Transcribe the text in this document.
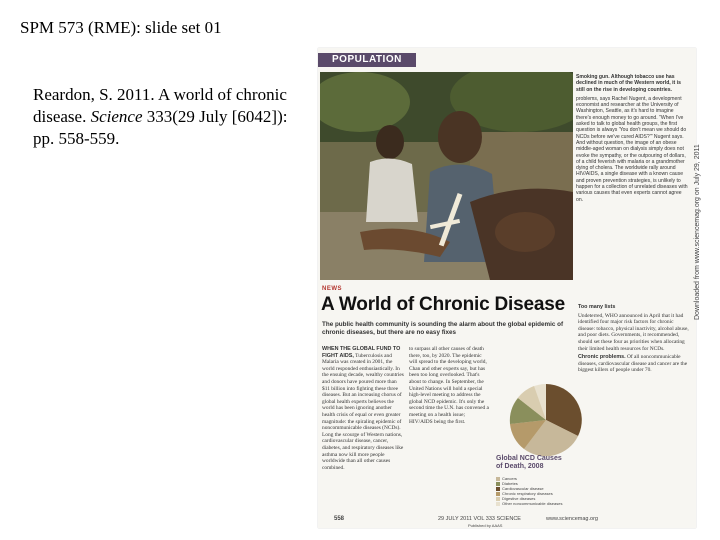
SPM 573 (RME): slide set 01
Reardon, S. 2011. A world of chronic disease. Science 333(29 July [6042]): pp. 558-559.
POPULATION

Smoking gun. Although tobacco use has declined in much of the Western world, it is still on the rise in developing countries.

problems, says Rachel Nugent, a development economist and researcher at the University of Washington, Seattle, as it's hard to imagine there's enough money to go around. "When I've asked to talk to global health groups, the first question is always 'You don't mean we should do NCDs before we've cured AIDS?'" Nugent says. And without question, the image of an obese middle-aged woman on dialysis simply does not evoke the sympathy, or the outpouring of dollars, of a child feverish with malaria or a grandmother dying of cholera. The worldwide rally around HIV/AIDS, a single disease with a known cause and proven prevention strategies, is unlikely to happen for a collection of unrelated diseases with various causes that even experts cannot agree on.

NEWS
A World of Chronic Disease
The public health community is sounding the alarm about the global epidemic of chronic diseases, but there are no easy fixes

WHEN THE GLOBAL FUND TO FIGHT AIDS, Tuberculosis and Malaria was created in 2001, the world responded enthusiastically. In the ensuing decade, wealthy countries and donors have poured more than $11 billion into fighting these three diseases. But an increasing chorus of global health experts believes the world has been ignoring another health crisis of equal or even greater magnitude: the spiraling epidemic of noncommunicable diseases (NCDs). Long the scourge of Western nations, cardiovascular disease, cancer, diabetes, and respiratory diseases like asthma now kill more people worldwide than all other causes combined.

to surpass all other causes of death there, too, by 2020. The epidemic will spread to the developing world, Chan and other experts say, but has been too long overlooked. That's about to change. In September, the United Nations will hold a special high-level meeting to address the global NCD epidemic. It's only the second time the U.N. has convened a meeting on a health issue; HIV/AIDS being the first.

Too many lists

Undeterred, WHO announced in April that it had identified four major risk factors for chronic disease: tobacco, physical inactivity, alcohol abuse, and poor diets. Governments, it recommended, should set these four as priorities when allocating their limited health resources for NCDs.

Chronic problems. Of all noncommunicable diseases, cardiovascular disease and cancer are the biggest killers of people under 70.

Global NCD Causes of Death, 2008
Cancers
Diabetes
Cardiovascular disease
Chronic respiratory diseases
Digestive diseases
Other noncommunicable diseases
558	29 JULY 2011 VOL 333 SCIENCE	www.sciencemag.org
Published by AAAS
Downloaded from www.sciencemag.org on July 29, 2011
